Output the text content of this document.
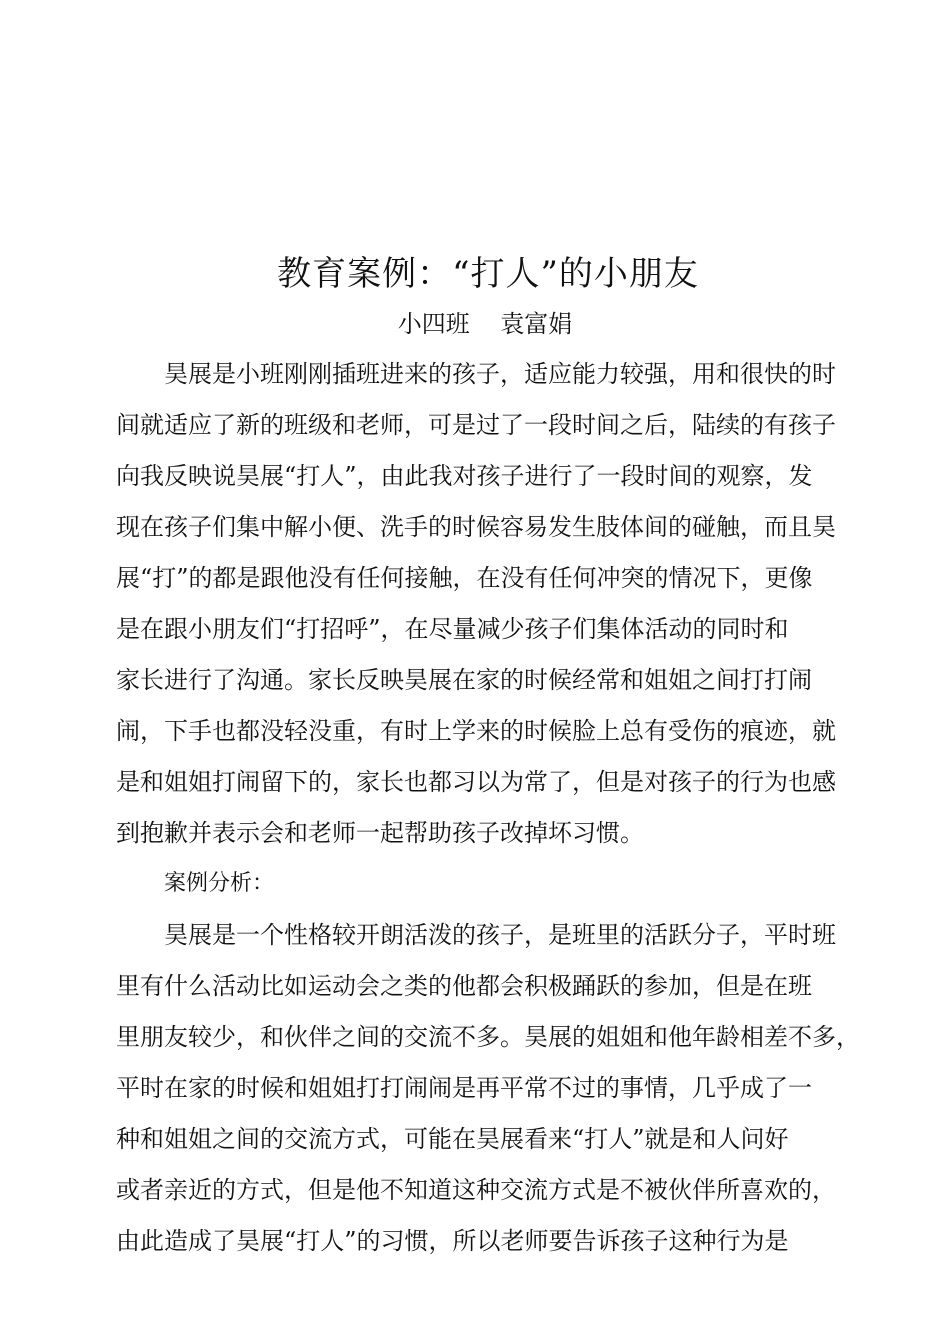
教育案例：“打人”的小朋友
小四班    袁富娟
昊展是小班刚刚插班进来的孩子，适应能力较强，用和很快的时
间就适应了新的班级和老师，可是过了一段时间之后，陆续的有孩子
向我反映说昊展“打人”，由此我对孩子进行了一段时间的观察，发
现在孩子们集中解小便、洗手的时候容易发生肢体间的碰触，而且昊
展“打”的都是跟他没有任何接触，在没有任何冲突的情况下，更像
是在跟小朋友们“打招呼”，在尽量减少孩子们集体活动的同时和
家长进行了沟通。家长反映昊展在家的时候经常和姐姐之间打打闹
闹，下手也都没轻没重，有时上学来的时候脸上总有受伤的痕迹，就
是和姐姐打闹留下的，家长也都习以为常了，但是对孩子的行为也感
到抱歉并表示会和老师一起帮助孩子改掉坏习惯。
案例分析：
昊展是一个性格较开朗活泼的孩子，是班里的活跃分子，平时班
里有什么活动比如运动会之类的他都会积极踊跃的参加，但是在班
里朋友较少，和伙伴之间的交流不多。昊展的姐姐和他年龄相差不多，
平时在家的时候和姐姐打打闹闹是再平常不过的事情，几乎成了一
种和姐姐之间的交流方式，可能在昊展看来“打人”就是和人问好
或者亲近的方式，但是他不知道这种交流方式是不被伙伴所喜欢的，
由此造成了昊展“打人”的习惯，所以老师要告诉孩子这种行为是
